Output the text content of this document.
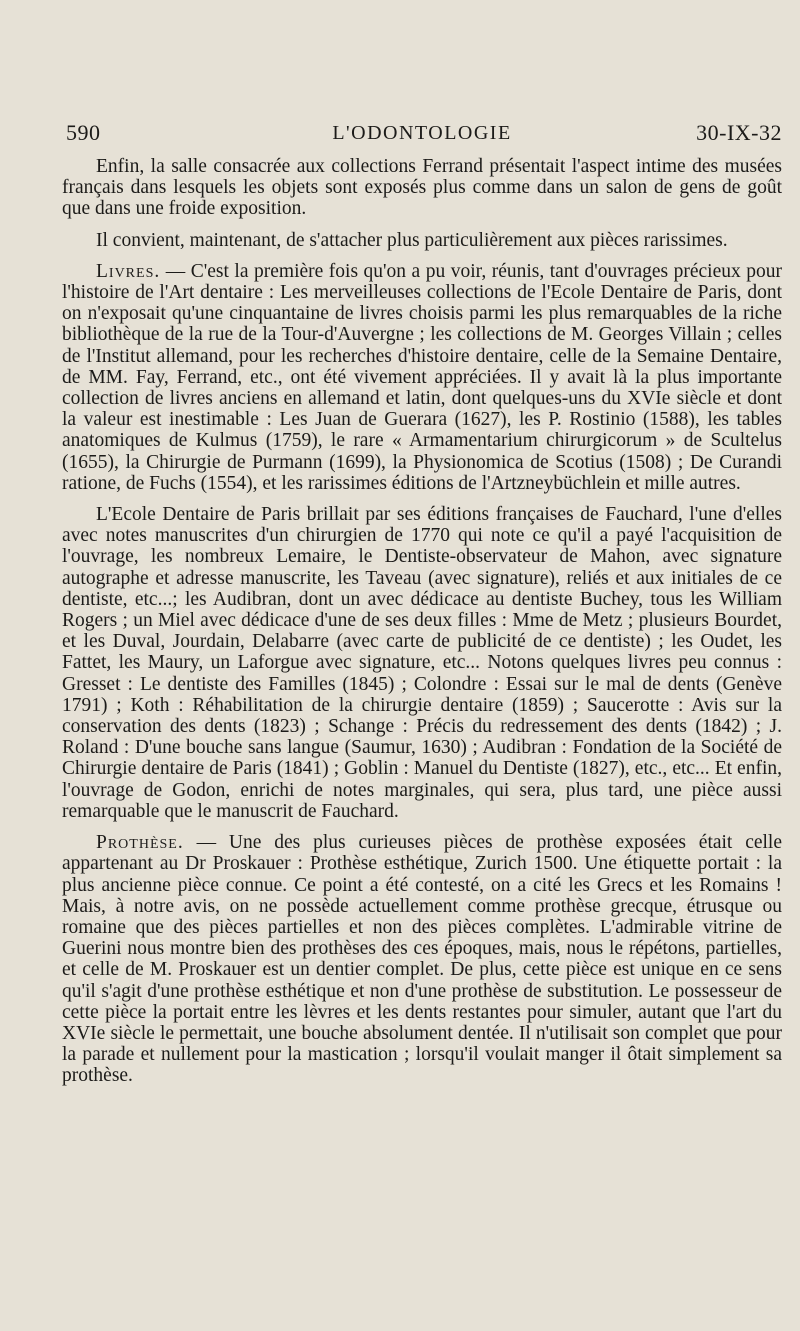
590	L'ODONTOLOGIE	30-IX-32

Enfin, la salle consacrée aux collections Ferrand présentait l'aspect intime des musées français dans lesquels les objets sont exposés plus comme dans un salon de gens de goût que dans une froide exposition.

Il convient, maintenant, de s'attacher plus particulièrement aux pièces rarissimes.

Livres. — C'est la première fois qu'on a pu voir, réunis, tant d'ouvrages précieux pour l'histoire de l'Art dentaire : Les merveilleuses collections de l'Ecole Dentaire de Paris, dont on n'exposait qu'une cinquantaine de livres choisis parmi les plus remarquables de la riche bibliothèque de la rue de la Tour-d'Auvergne ; les collections de M. Georges Villain ; celles de l'Institut allemand, pour les recherches d'histoire dentaire, celle de la Semaine Dentaire, de MM. Fay, Ferrand, etc., ont été vivement appréciées. Il y avait là la plus importante collection de livres anciens en allemand et latin, dont quelques-uns du XVIe siècle et dont la valeur est inestimable : Les Juan de Guerara (1627), les P. Rostinio (1588), les tables anatomiques de Kulmus (1759), le rare « Armamentarium chirurgicorum » de Scultelus (1655), la Chirurgie de Purmann (1699), la Physionomica de Scotius (1508) ; De Curandi ratione, de Fuchs (1554), et les rarissimes éditions de l'Artzneybüchlein et mille autres.

L'Ecole Dentaire de Paris brillait par ses éditions françaises de Fauchard, l'une d'elles avec notes manuscrites d'un chirurgien de 1770 qui note ce qu'il a payé l'acquisition de l'ouvrage, les nombreux Lemaire, le Dentiste-observateur de Mahon, avec signature autographe et adresse manuscrite, les Taveau (avec signature), reliés et aux initiales de ce dentiste, etc...; les Audibran, dont un avec dédicace au dentiste Buchey, tous les William Rogers ; un Miel avec dédicace d'une de ses deux filles : Mme de Metz ; plusieurs Bourdet, et les Duval, Jourdain, Delabarre (avec carte de publicité de ce dentiste) ; les Oudet, les Fattet, les Maury, un Laforgue avec signature, etc... Notons quelques livres peu connus : Gresset : Le dentiste des Familles (1845) ; Colondre : Essai sur le mal de dents (Genève 1791) ; Koth : Réhabilitation de la chirurgie dentaire (1859) ; Saucerotte : Avis sur la conservation des dents (1823) ; Schange : Précis du redressement des dents (1842) ; J. Roland : D'une bouche sans langue (Saumur, 1630) ; Audibran : Fondation de la Société de Chirurgie dentaire de Paris (1841) ; Goblin : Manuel du Dentiste (1827), etc., etc... Et enfin, l'ouvrage de Godon, enrichi de notes marginales, qui sera, plus tard, une pièce aussi remarquable que le manuscrit de Fauchard.

Prothèse. — Une des plus curieuses pièces de prothèse exposées était celle appartenant au Dr Proskauer : Prothèse esthétique, Zurich 1500. Une étiquette portait : la plus ancienne pièce connue. Ce point a été contesté, on a cité les Grecs et les Romains ! Mais, à notre avis, on ne possède actuellement comme prothèse grecque, étrusque ou romaine que des pièces partielles et non des pièces complètes. L'admirable vitrine de Guerini nous montre bien des prothèses des ces époques, mais, nous le répétons, partielles, et celle de M. Proskauer est un dentier complet. De plus, cette pièce est unique en ce sens qu'il s'agit d'une prothèse esthétique et non d'une prothèse de substitution. Le possesseur de cette pièce la portait entre les lèvres et les dents restantes pour simuler, autant que l'art du XVIe siècle le permettait, une bouche absolument dentée. Il n'utilisait son complet que pour la parade et nullement pour la mastication ; lorsqu'il voulait manger il ôtait simplement sa prothèse.
